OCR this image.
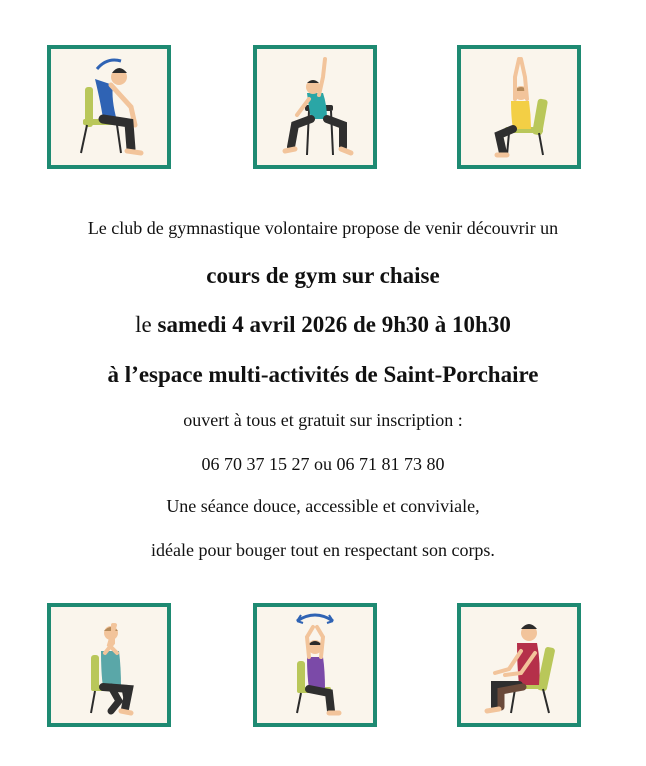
Le club de gymnastique volontaire propose de venir découvrir un
cours de gym sur chaise
le samedi 4 avril 2026 de 9h30 à 10h30
à l’espace multi-activités de Saint-Porchaire
ouvert à tous et gratuit sur inscription :
06 70 37 15 27 ou 06 71 81 73 80
Une séance douce, accessible et conviviale,
idéale pour bouger tout en respectant son corps.
